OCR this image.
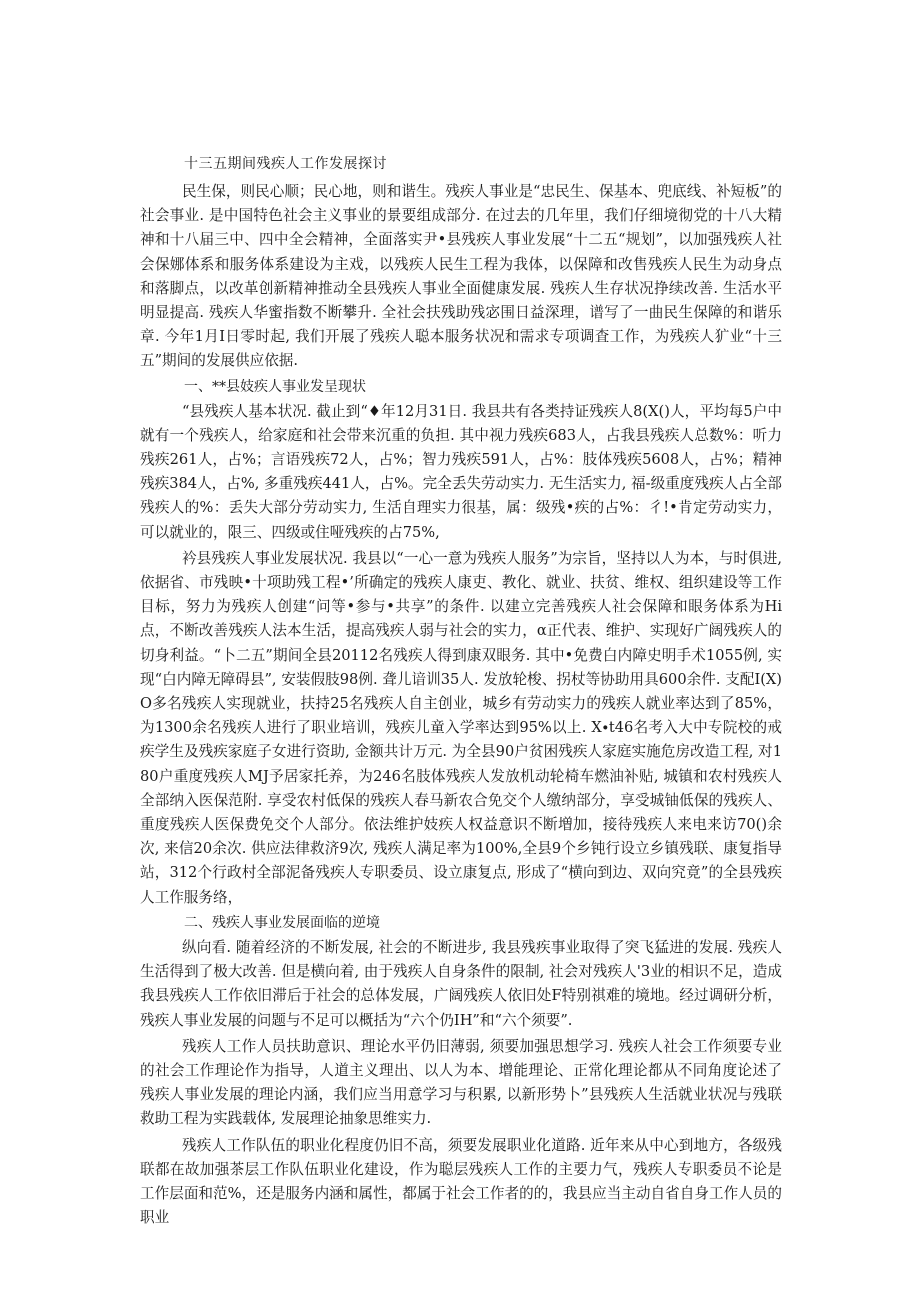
十三五期间残疾人工作发展探讨

民生保，则民心顺；民心地，则和谐生。残疾人事业是“忠民生、保基本、兜底线、补短板”的社会事业. 是中国特色社会主义事业的景要组成部分. 在过去的几年里，我们仔细境彻党的十八大精神和十八届三中、四中全会精神，全面落实尹•县残疾人事业发展“十二五“规划”，以加强残疾人社会保娜体系和服务体系建设为主戏，以残疾人民生工程为我体，以保障和改售残疾人民生为动身点和落脚点，以改革创新精神推动全县残疾人事业全面健康发展. 残疾人生存状况挣续改善. 生活水平明显提高. 残疾人华蜜指数不断攀升. 全社会扶残助残宓围日益深理，谱写了一曲民生保障的和谐乐章. 今年1月I日零时起, 我们开展了残疾人聪本服务状况和需求专项调査工作，为残疾人犷业“十三五”期间的发展供应依据.

一、**县妓疾人事业发呈现状

“县残疾人基本状况. 截止到“♦年12月31日. 我县共有各类持证残疾人8(X()人，平均每5户中就有一个残疾人，给家庭和社会带来沉重的负担. 其中视力残疾683人，占我县残疾人总数%：听力残疾261人，占%；言语残疾72人，占%；智力残疾591人，占%：肢体残疾5608人，占%；精神残疾384人，占%, 多重残疾441人，占%。完全丢失劳动实力. 无生活实力, 福-级重度残疾人占全部残疾人的%：丢失大部分劳动实力, 生活自理实力很基，属：级残•疾的占%：彳!•肯定劳动实力，可以就业的，限三、四级或住哑残疾的占75%,

衿县残疾人事业发展状况. 我县以“一心一意为残疾人服务”为宗旨，坚持以人为本，与时俱进, 依据省、市残映•十项助残工程•’所确定的残疾人康吏、教化、就业、扶贫、维权、组织建设等工作目标，努力为残疾人创建“问等•参与•共享”的条件. 以建立完善残疾人社会保障和眼务体系为Hi点，不断改善残疾人法本生活，提高残疾人弱与社会的实力，α正代表、维护、实现好广阔残疾人的切身利益。“卜二五”期间全县20112名残疾人得到康双眼务. 其中•免费白内障史明手术1055例, 实现“白内障无障碍县”, 安装假肢98例. 聋儿谙训35人. 发放轮梭、拐杖等协助用具600余件. 支配I(X)O多名残疾人实现就业，扶持25名残疾人自主创业，城乡有劳动实力的残疾人就业率达到了85%，为1300余名残疾人进行了职业培训，残疾儿童入学率达到95%以上. X∙t46名考入大中专院校的戒疾学生及残疾家庭子女进行资助, 金额共计万元. 为全县90户贫困残疾人家庭实施危房改造工程, 对180户重度残疾人MJ予居家托养，为246名肢体残疾人发放机动轮椅车燃油补贴, 城镇和农村残疾人全部纳入医保范附. 享受农村低保的残疾人春马新农合免交个人缴纳部分，享受城铀低保的残疾人、重度残疾人医保费免交个人部分。依法维护妓疾人权益意识不断増加，接待残疾人来电来访70()余次, 来信20余次. 供应法律救济9次, 残疾人满足率为100%,全县9个乡钝行设立乡镇残联、康复指导站，312个行政村全部泥备残疾人专职委员、设立康复点, 形成了“横向到边、双向究竟”的全县残疾人工作服务络，

二、残疾人事业发展面临的逆境

纵向看. 随着经济的不断发展, 社会的不断进步, 我县残疾事业取得了突飞猛进的发展. 残疾人生活得到了极大改善. 但是横向着, 由于残疾人自身条件的限制, 社会对残疾人'3业的相识不足，造成我县残疾人工作依旧滞后于社会的总体发展，广阔残疾人依旧处F特别祺难的境地。经过调研分析，残疾人事业发展的问题与不足可以概括为“六个仍IH”和“六个须要”.

残疾人工作人员扶助意识、理论水平仍旧薄弱, 须要加强思想学习. 残疾人社会工作须要专业的社会工作理论作为指导，人道主义理出、以人为本、增能理论、正常化理论都从不同角度论述了残疾人事业发展的理论内涵，我们应当用意学习与积累, 以新形势卜”县残疾人生活就业状况与残联救助工程为实践载体, 发展理论抽象思维实力.

残疾人工作队伍的职业化程度仍旧不高，须要发展职业化道路. 近年来从中心到地方，各级残联都在故加强茶层工作队伍职业化建设，作为聪层残疾人工作的主要力气，残疾人专职委员不论是工作层面和范%，还是服务内涵和属性，都属于社会工作者的的，我县应当主动自省自身工作人员的职业
